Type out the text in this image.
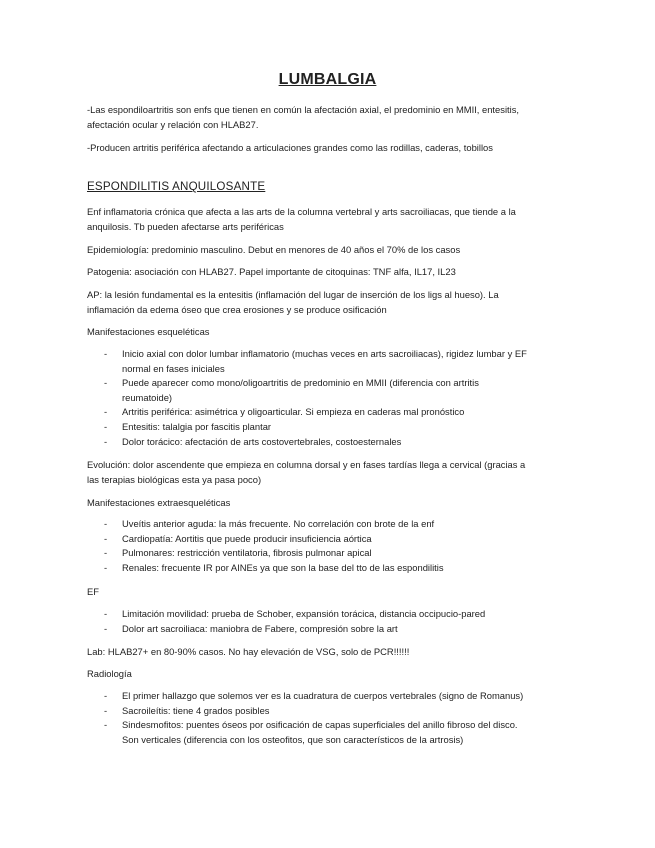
LUMBALGIA

-Las espondiloartritis son enfs que tienen en común la afectación axial, el predominio en MMII, entesitis, afectación ocular y relación con HLAB27.

-Producen artritis periférica afectando a articulaciones grandes como las rodillas, caderas, tobillos

ESPONDILITIS ANQUILOSANTE

Enf inflamatoria crónica que afecta a las arts de la columna vertebral y arts sacroiliacas, que tiende a la anquilosis. Tb pueden afectarse arts periféricas

Epidemiología: predominio masculino. Debut en menores de 40 años el 70% de los casos

Patogenia: asociación con HLAB27. Papel importante de citoquinas: TNF alfa, IL17, IL23

AP: la lesión fundamental es la entesitis (inflamación del lugar de inserción de los ligs al hueso). La inflamación da edema óseo que crea erosiones y se produce osificación

Manifestaciones esqueléticas
- Inicio axial con dolor lumbar inflamatorio (muchas veces en arts sacroiliacas), rigidez lumbar y EF normal en fases iniciales
- Puede aparecer como mono/oligoartritis de predominio en MMII (diferencia con artritis reumatoide)
- Artritis periférica: asimétrica y oligoarticular. Si empieza en caderas mal pronóstico
- Entesitis: talalgia por fascitis plantar
- Dolor torácico: afectación de arts costovertebrales, costoesternales

Evolución: dolor ascendente que empieza en columna dorsal y en fases tardías llega a cervical (gracias a las terapias biológicas esta ya pasa poco)

Manifestaciones extraesqueléticas
- Uveítis anterior aguda: la más frecuente. No correlación con brote de la enf
- Cardiopatía: Aortitis que puede producir insuficiencia aórtica
- Pulmonares: restricción ventilatoria, fibrosis pulmonar apical
- Renales: frecuente IR por AINEs ya que son la base del tto de las espondilitis
EF
- Limitación movilidad: prueba de Schober, expansión torácica, distancia occipucio-pared
- Dolor art sacroiliaca: maniobra de Fabere, compresión sobre la art

Lab: HLAB27+ en 80-90% casos. No hay elevación de VSG, solo de PCR!!!!!!

Radiología
- El primer hallazgo que solemos ver es la cuadratura de cuerpos vertebrales (signo de Romanus)
- Sacroileítis: tiene 4 grados posibles
- Sindesmofitos: puentes óseos por osificación de capas superficiales del anillo fibroso del disco. Son verticales (diferencia con los osteofitos, que son característicos de la artrosis)
